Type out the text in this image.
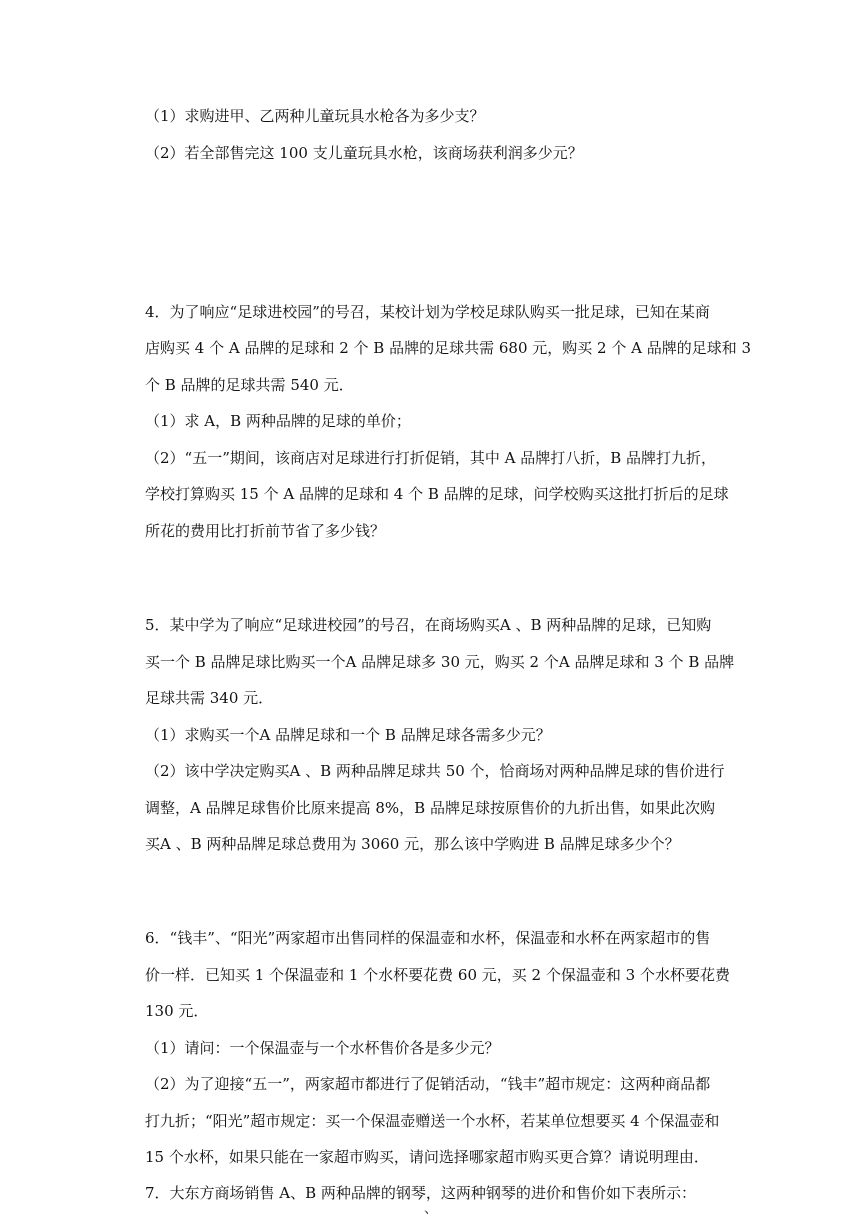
（1）求购进甲、乙两种儿童玩具水枪各为多少支？
（2）若全部售完这 100 支儿童玩具水枪，该商场获利润多少元？
4．为了响应“足球进校园”的号召，某校计划为学校足球队购买一批足球，已知在某商
店购买 4 个 A 品牌的足球和 2 个 B 品牌的足球共需 680 元，购买 2 个 A 品牌的足球和 3
个 B 品牌的足球共需 540 元．
（1）求 A，B 两种品牌的足球的单价；
（2）“五一”期间，该商店对足球进行打折促销，其中 A 品牌打八折，B 品牌打九折，
学校打算购买 15 个 A 品牌的足球和 4 个 B 品牌的足球，问学校购买这批打折后的足球
所花的费用比打折前节省了多少钱？
5．某中学为了响应“足球进校园”的号召，在商场购买A 、B 两种品牌的足球，已知购
买一个 B 品牌足球比购买一个A 品牌足球多 30 元，购买 2 个A 品牌足球和 3 个 B 品牌
足球共需 340 元．
（1）求购买一个A 品牌足球和一个 B 品牌足球各需多少元？
（2）该中学决定购买A 、B 两种品牌足球共 50 个，恰商场对两种品牌足球的售价进行
调整，A 品牌足球售价比原来提高 8%，B 品牌足球按原售价的九折出售，如果此次购
买A 、B 两种品牌足球总费用为 3060 元，那么该中学购进 B 品牌足球多少个？
6．“钱丰”、“阳光”两家超市出售同样的保温壶和水杯，保温壶和水杯在两家超市的售
价一样．已知买 1 个保温壶和 1 个水杯要花费 60 元，买 2 个保温壶和 3 个水杯要花费
130 元．
（1）请问：一个保温壶与一个水杯售价各是多少元？
（2）为了迎接“五一”，两家超市都进行了促销活动，“钱丰”超市规定：这两种商品都
打九折；“阳光”超市规定：买一个保温壶赠送一个水杯，若某单位想要买 4 个保温壶和
15 个水杯，如果只能在一家超市购买，请问选择哪家超市购买更合算？请说明理由．
7．大东方商场销售 A、B 两种品牌的钢琴，这两种钢琴的进价和售价如下表所示：
、
